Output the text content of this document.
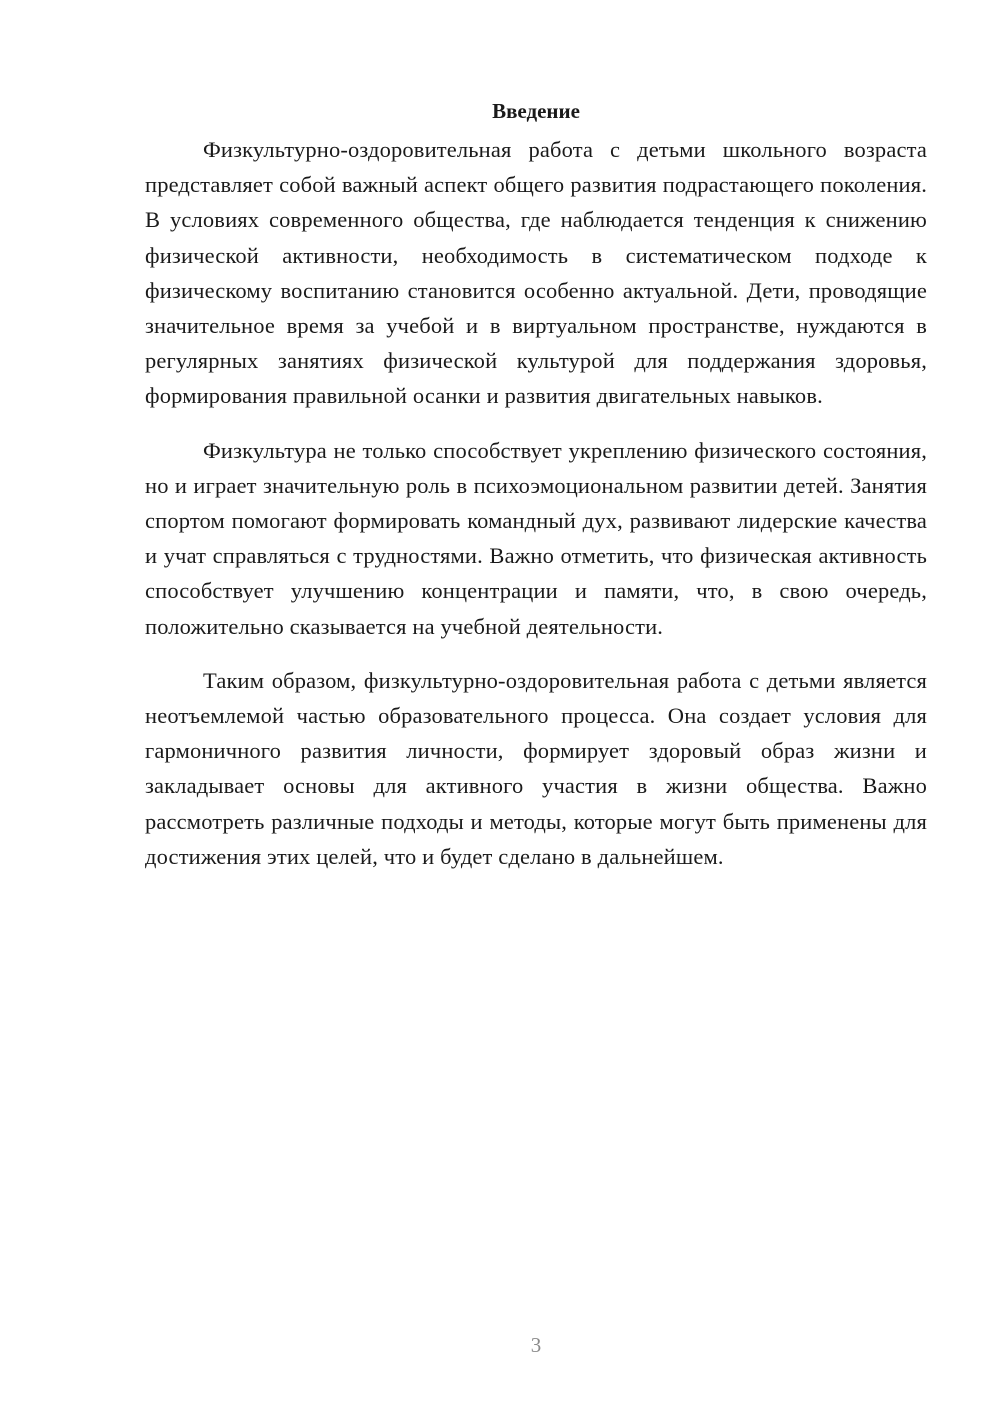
Введение

Физкультурно-оздоровительная работа с детьми школьного возраста представляет собой важный аспект общего развития подрастающего поколения. В условиях современного общества, где наблюдается тенденция к снижению физической активности, необходимость в систематическом подходе к физическому воспитанию становится особенно актуальной. Дети, проводящие значительное время за учебой и в виртуальном пространстве, нуждаются в регулярных занятиях физической культурой для поддержания здоровья, формирования правильной осанки и развития двигательных навыков.

Физкультура не только способствует укреплению физического состояния, но и играет значительную роль в психоэмоциональном развитии детей. Занятия спортом помогают формировать командный дух, развивают лидерские качества и учат справляться с трудностями. Важно отметить, что физическая активность способствует улучшению концентрации и памяти, что, в свою очередь, положительно сказывается на учебной деятельности.

Таким образом, физкультурно-оздоровительная работа с детьми является неотъемлемой частью образовательного процесса. Она создает условия для гармоничного развития личности, формирует здоровый образ жизни и закладывает основы для активного участия в жизни общества. Важно рассмотреть различные подходы и методы, которые могут быть применены для достижения этих целей, что и будет сделано в дальнейшем.

3
